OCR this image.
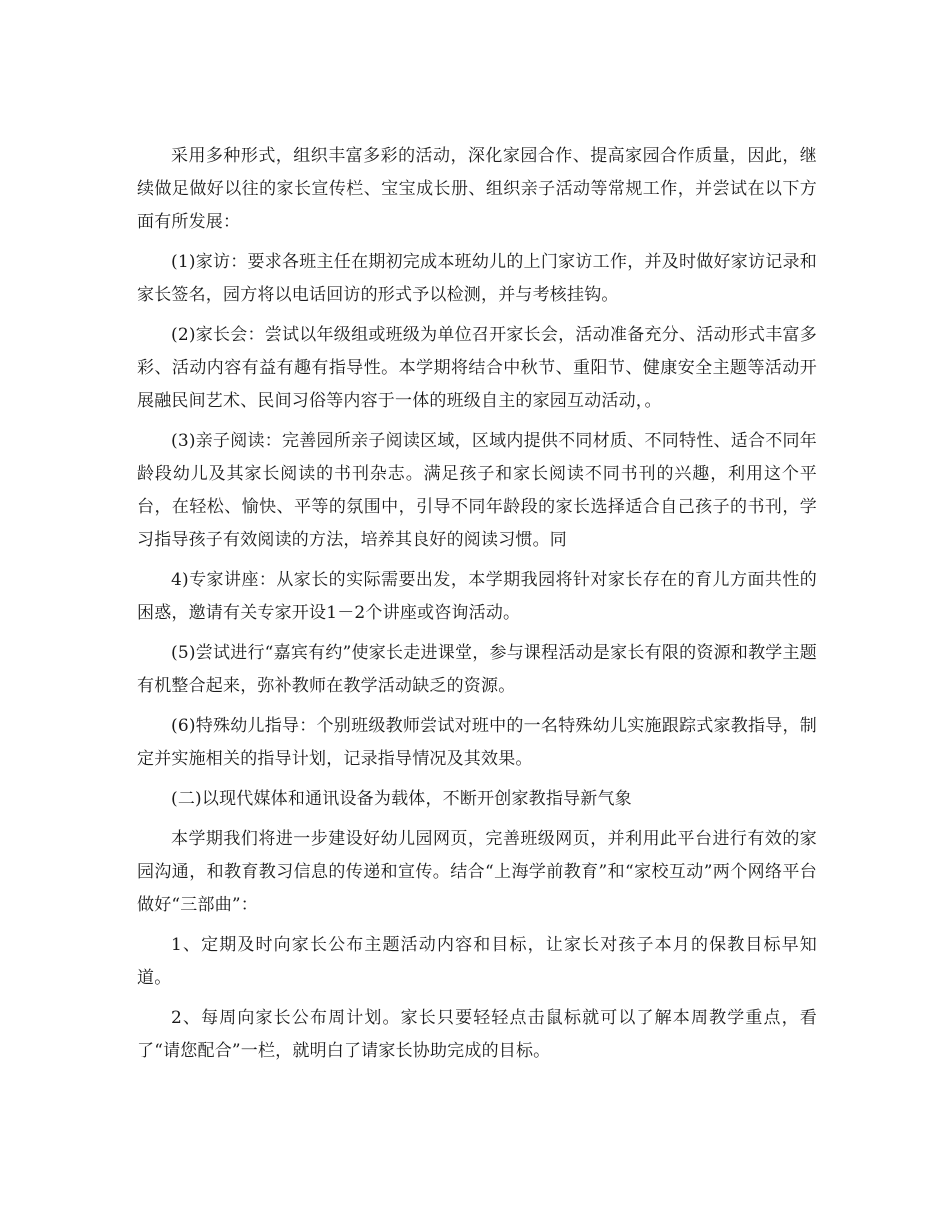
采用多种形式，组织丰富多彩的活动，深化家园合作、提高家园合作质量，因此，继续做足做好以往的家长宣传栏、宝宝成长册、组织亲子活动等常规工作，并尝试在以下方面有所发展：

(1)家访：要求各班主任在期初完成本班幼儿的上门家访工作，并及时做好家访记录和家长签名，园方将以电话回访的形式予以检测，并与考核挂钩。

(2)家长会：尝试以年级组或班级为单位召开家长会，活动准备充分、活动形式丰富多彩、活动内容有益有趣有指导性。本学期将结合中秋节、重阳节、健康安全主题等活动开展融民间艺术、民间习俗等内容于一体的班级自主的家园互动活动，。

(3)亲子阅读：完善园所亲子阅读区域，区域内提供不同材质、不同特性、适合不同年龄段幼儿及其家长阅读的书刊杂志。满足孩子和家长阅读不同书刊的兴趣，利用这个平台，在轻松、愉快、平等的氛围中，引导不同年龄段的家长选择适合自己孩子的书刊，学习指导孩子有效阅读的方法，培养其良好的阅读习惯。同

4)专家讲座：从家长的实际需要出发，本学期我园将针对家长存在的育儿方面共性的困惑，邀请有关专家开设1－2个讲座或咨询活动。

(5)尝试进行“嘉宾有约”使家长走进课堂，参与课程活动是家长有限的资源和教学主题有机整合起来，弥补教师在教学活动缺乏的资源。

(6)特殊幼儿指导：个别班级教师尝试对班中的一名特殊幼儿实施跟踪式家教指导，制定并实施相关的指导计划，记录指导情况及其效果。

(二)以现代媒体和通讯设备为载体，不断开创家教指导新气象

本学期我们将进一步建设好幼儿园网页，完善班级网页，并利用此平台进行有效的家园沟通，和教育教习信息的传递和宣传。结合“上海学前教育”和“家校互动”两个网络平台做好“三部曲”：

1、定期及时向家长公布主题活动内容和目标，让家长对孩子本月的保教目标早知道。

2、每周向家长公布周计划。家长只要轻轻点击鼠标就可以了解本周教学重点，看了“请您配合”一栏，就明白了请家长协助完成的目标。
